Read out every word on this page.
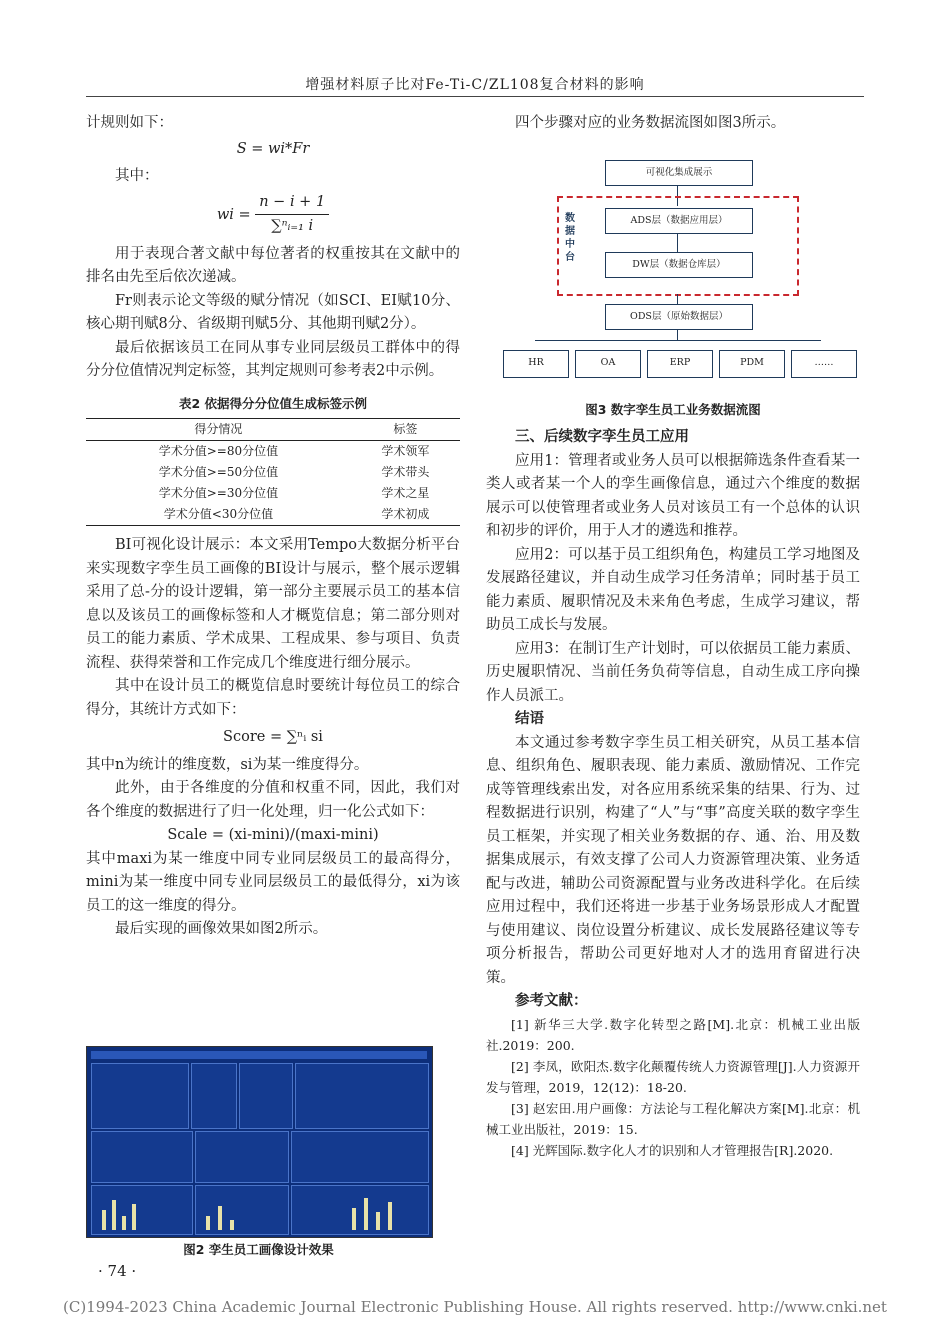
增强材料原子比对Fe-Ti-C/ZL108复合材料的影响

计规则如下：

S = wi*Fr

其中：

wi = $\frac{n - i + 1}{\text{∑ⁿᵢ₌₁ i}}$

用于表现合著文献中每位著者的权重按其在文献中的排名由先至后依次递减。

Fr则表示论文等级的赋分情况（如SCI、EI赋10分、核心期刊赋8分、省级期刊赋5分、其他期刊赋2分）。

最后依据该员工在同从事专业同层级员工群体中的得分分位值情况判定标签，其判定规则可参考表2中示例。

表2 依据得分分位值生成标签示例
得分情况	标签
学术分值>=80分位值	学术领军
学术分值>=50分位值	学术带头
学术分值>=30分位值	学术之星
学术分值<30分位值	学术初成

BI可视化设计展示：本文采用Tempo大数据分析平台来实现数字孪生员工画像的BI设计与展示，整个展示逻辑采用了总-分的设计逻辑，第一部分主要展示员工的基本信息以及该员工的画像标签和人才概览信息；第二部分则对员工的能力素质、学术成果、工程成果、参与项目、负责流程、获得荣誉和工作完成几个维度进行细分展示。

其中在设计员工的概览信息时要统计每位员工的综合得分，其统计方式如下：

Score = ∑ⁿᵢ si

其中n为统计的维度数，si为某一维度得分。

此外，由于各维度的分值和权重不同，因此，我们对各个维度的数据进行了归一化处理，归一化公式如下：

Scale = (xi-mini)/(maxi-mini)

其中maxi为某一维度中同专业同层级员工的最高得分，mini为某一维度中同专业同层级员工的最低得分，xi为该员工的这一维度的得分。

最后实现的画像效果如图2所示。

图2 孪生员工画像设计效果
· 74 ·

四个步骤对应的业务数据流图如图3所示。

可视化集成展示
数据中台
ADS层（数据应用层）
DW层（数据仓库层）
ODS层（原始数据层）
HR	OA	ERP	PDM	……
图3 数字孪生员工业务数据流图
三、后续数字孪生员工应用

应用1：管理者或业务人员可以根据筛选条件查看某一类人或者某一个人的孪生画像信息，通过六个维度的数据展示可以使管理者或业务人员对该员工有一个总体的认识和初步的评价，用于人才的遴选和推荐。

应用2：可以基于员工组织角色，构建员工学习地图及发展路径建议，并自动生成学习任务清单；同时基于员工能力素质、履职情况及未来角色考虑，生成学习建议，帮助员工成长与发展。

应用3：在制订生产计划时，可以依据员工能力素质、历史履职情况、当前任务负荷等信息，自动生成工序向操作人员派工。

结语

本文通过参考数字孪生员工相关研究，从员工基本信息、组织角色、履职表现、能力素质、激励情况、工作完成等管理线索出发，对各应用系统采集的结果、行为、过程数据进行识别，构建了“人”与“事”高度关联的数字孪生员工框架，并实现了相关业务数据的存、通、治、用及数据集成展示，有效支撑了公司人力资源管理决策、业务适配与改进，辅助公司资源配置与业务改进科学化。在后续应用过程中，我们还将进一步基于业务场景形成人才配置与使用建议、岗位设置分析建议、成长发展路径建议等专项分析报告，帮助公司更好地对人才的选用育留进行决策。

参考文献：

[1] 新华三大学.数字化转型之路[M].北京：机械工业出版社.2019：200.

[2] 李凤，欧阳杰.数字化颠覆传统人力资源管理[J].人力资源开发与管理，2019，12(12)：18-20.

[3] 赵宏田.用户画像：方法论与工程化解决方案[M].北京：机械工业出版社，2019：15.

[4] 光辉国际.数字化人才的识别和人才管理报告[R].2020.

(C)1994-2023 China Academic Journal Electronic Publishing House. All rights reserved. http://www.cnki.net
